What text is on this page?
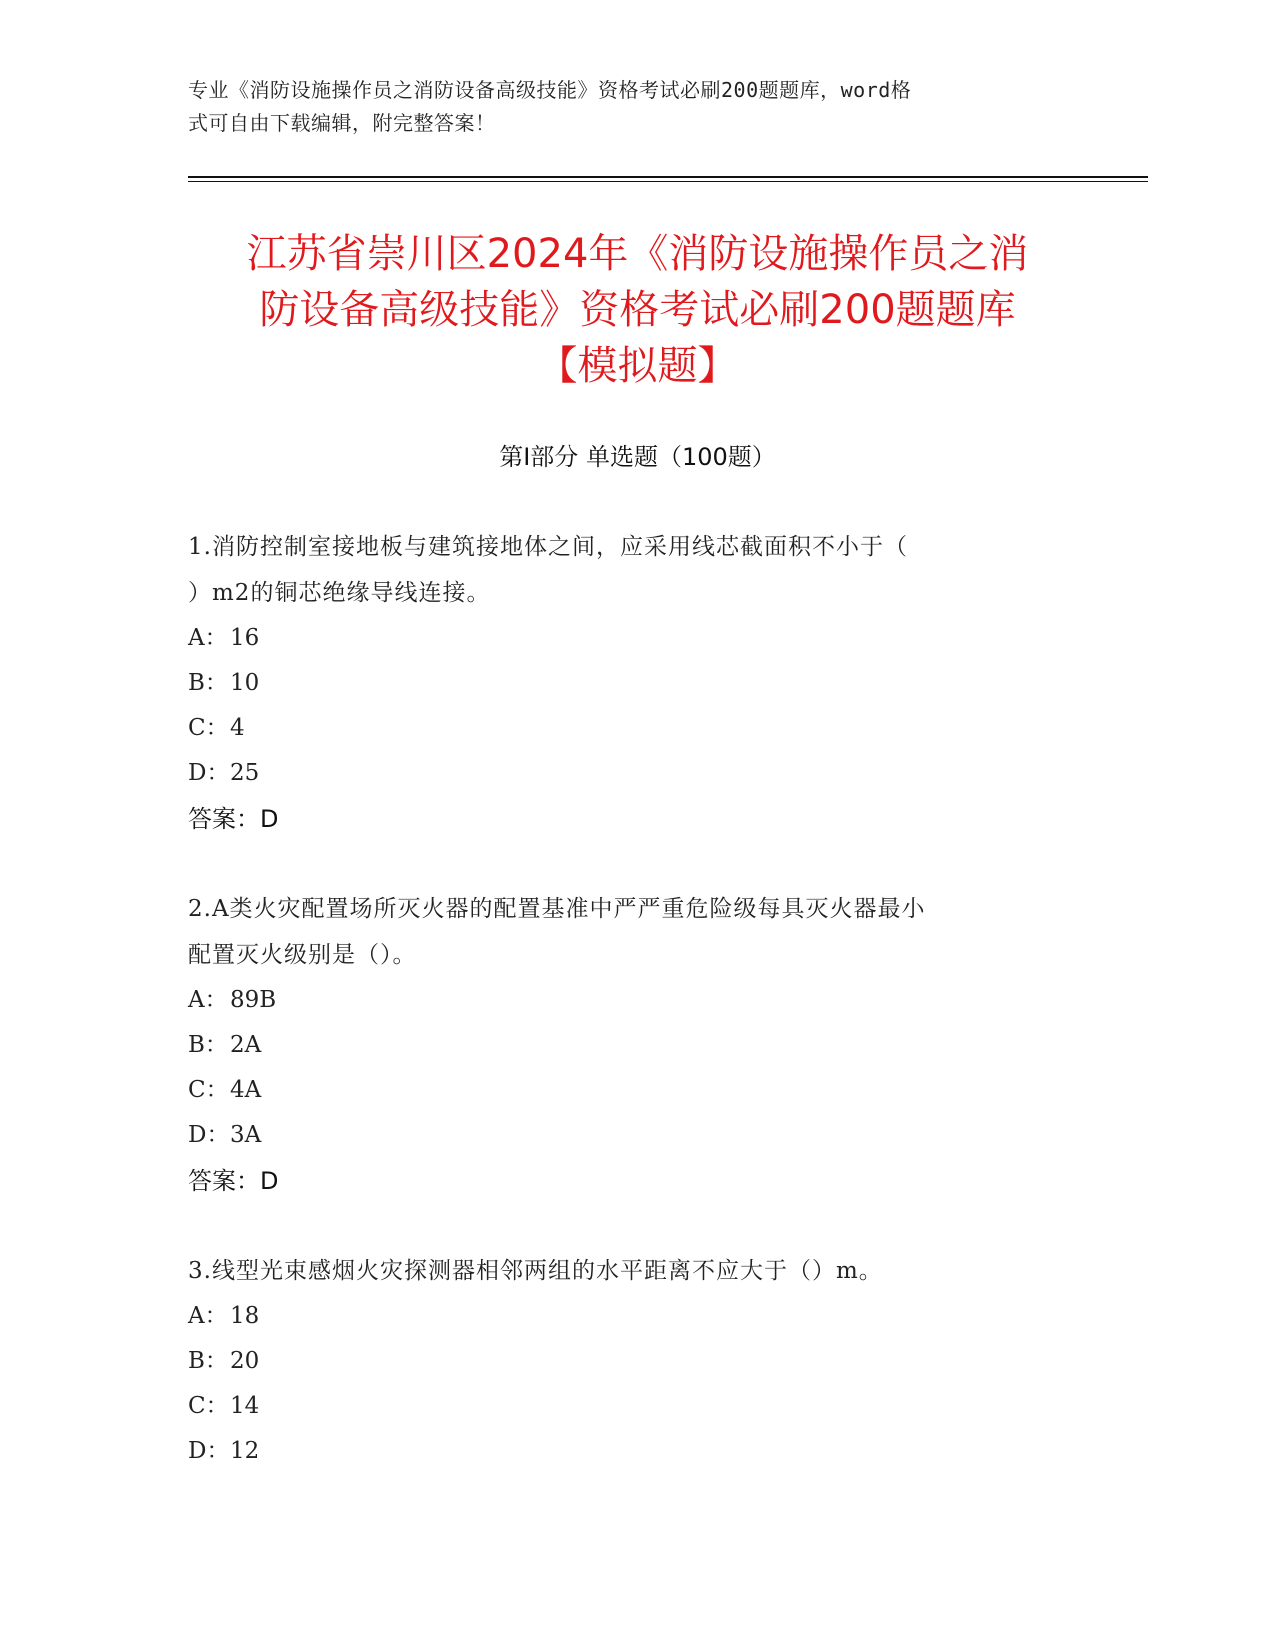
专业《消防设施操作员之消防设备高级技能》资格考试必刷200题题库，word格
式可自由下载编辑，附完整答案！
江苏省崇川区2024年《消防设施操作员之消
防设备高级技能》资格考试必刷200题题库
【模拟题】
第Ⅰ部分 单选题（100题）
1.消防控制室接地板与建筑接地体之间，应采用线芯截面积不小于（
）m2的铜芯绝缘导线连接。
A： 16
B：10
C：4
D：25
答案：D
2.A类火灾配置场所灭火器的配置基准中严严重危险级每具灭火器最小
配置灭火级别是（）。
A： 89B
B：2A
C：4A
D：3A
答案：D
3.线型光束感烟火灾探测器相邻两组的水平距离不应大于（）m。
A： 18
B：20
C：14
D：12
